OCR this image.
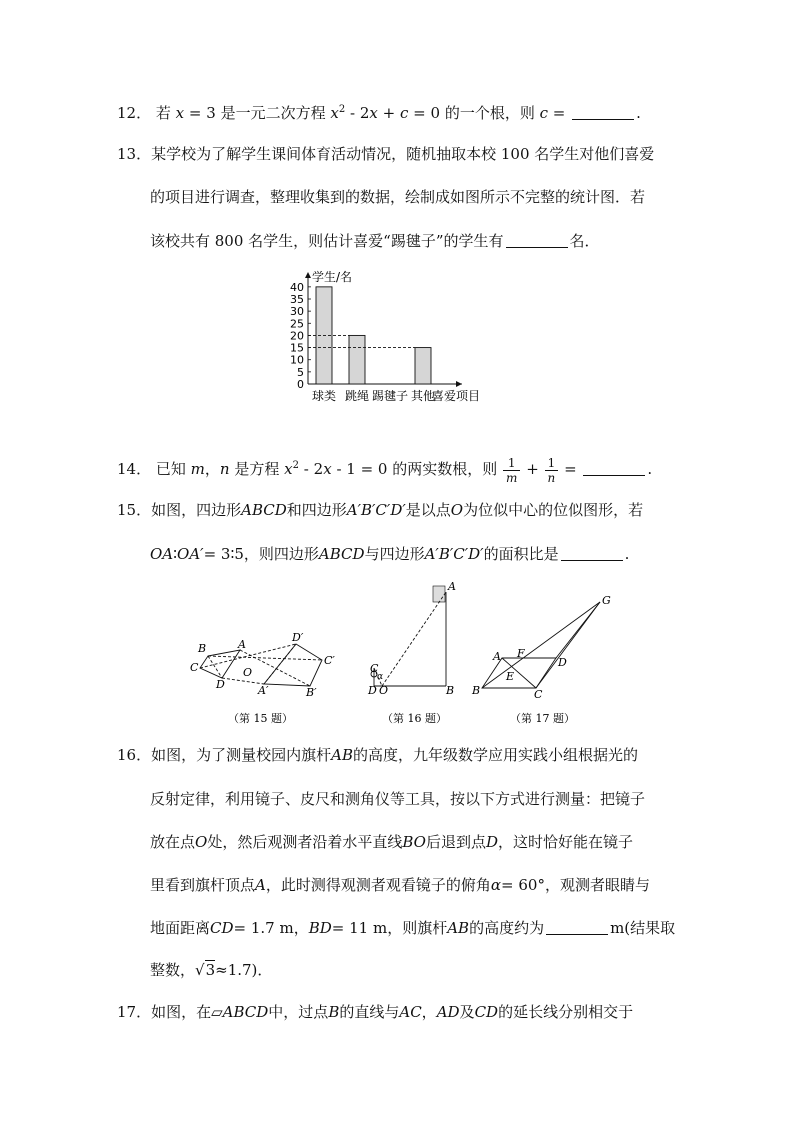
12． 若 x = 3 是一元二次方程 $x^2 - 2x + c = 0$ 的一个根，则 c =	.
13．某学校为了解学生课间体育活动情况，随机抽取本校 100 名学生对他们喜爱
的项目进行调查，整理收集到的数据，绘制成如图所示不完整的统计图．若
该校共有 800 名学生，则估计喜爱“踢毽子”的学生有	名．
学生/名
喜爱项目
0
5
10
15
20
25
30
35
40
球类 跳绳 踢毽子 其他
14． 已知 m，n 是方程 $x^2 - 2x - 1 = 0$ 的两实数根，则 $\frac{1}{m} + \frac{1}{n}$ =	.
15．如图，四边形ABCD和四边形A′B′C′D′是以点O为位似中心的位似图形，若
OA∶OA′= 3∶5，则四边形ABCD与四边形A′B′C′D′的面积比是	.
B	A
D′
C	O
C′
D	A′	B′
（第 15 题）
A
C
α
D O	B
（第 16 题）
G
A F
D
E
B	C
（第 17 题）
16．如图，为了测量校园内旗杆AB的高度，九年级数学应用实践小组根据光的
反射定律，利用镜子、皮尺和测角仪等工具，按以下方式进行测量：把镜子
放在点O处，然后观测者沿着水平直线BO后退到点D，这时恰好能在镜子
里看到旗杆顶点A，此时测得观测者观看镜子的俯角α= 60°，观测者眼睛与
地面距离CD= 1.7 m，BD= 11 m，则旗杆AB的高度约为	m(结果取
整数，√3≈1.7)．
17．如图，在▱ABCD中，过点B的直线与AC，AD及CD的延长线分别相交于
